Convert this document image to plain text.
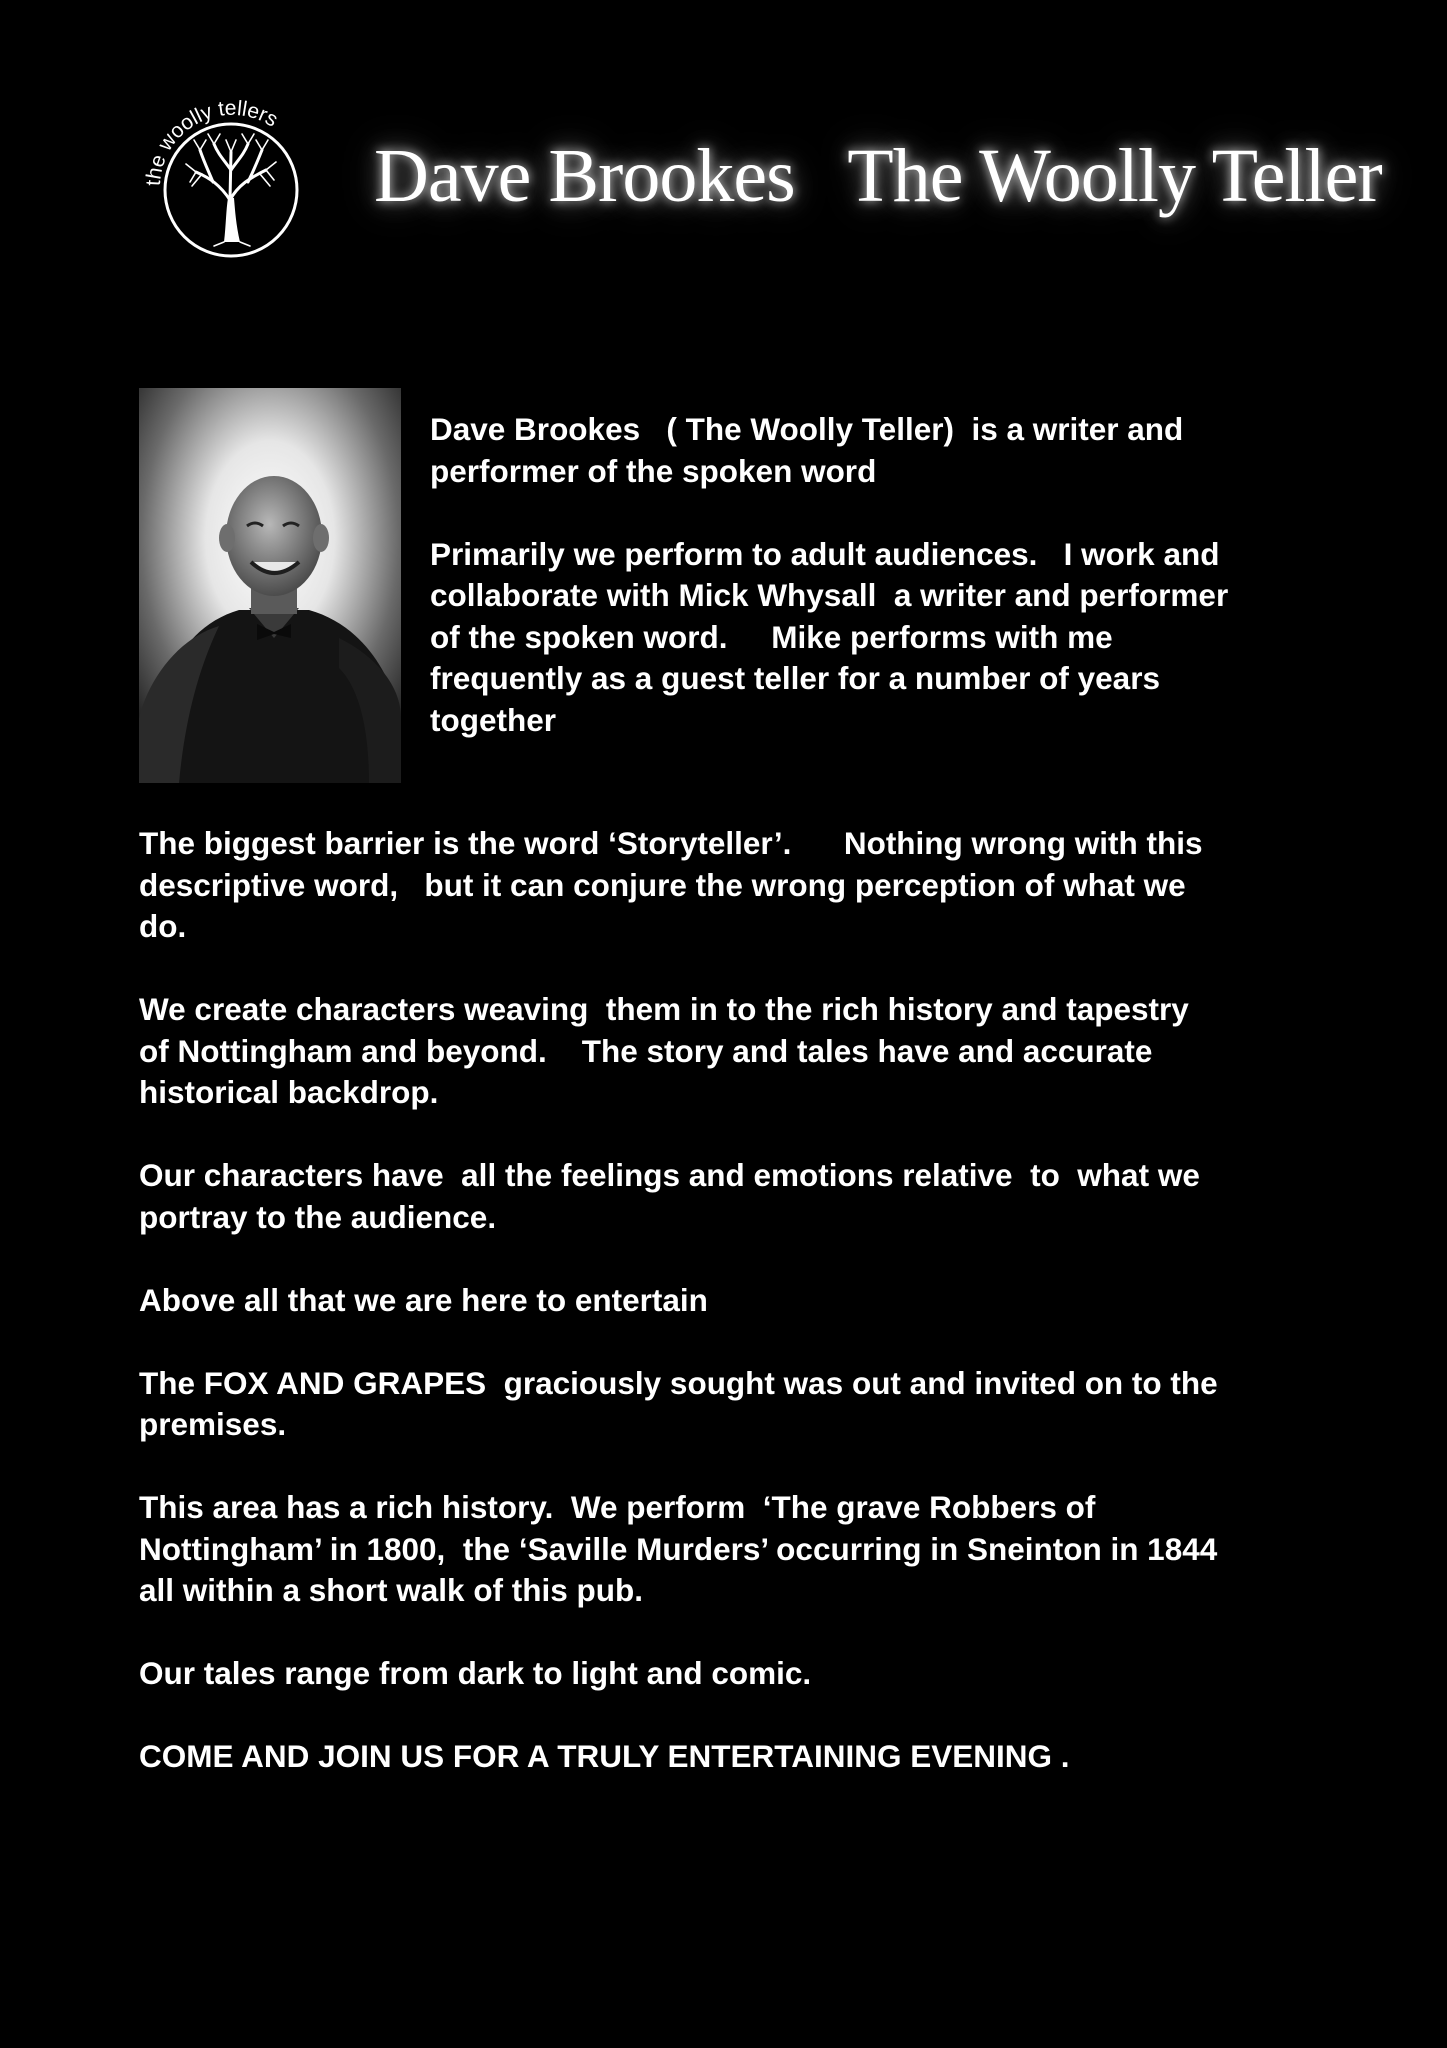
the woolly tellers
Dave Brookes   The Woolly Teller

Dave Brookes   ( The Woolly Teller)  is a writer and
performer of the spoken word

Primarily we perform to adult audiences.   I work and
collaborate with Mick Whysall  a writer and performer
of the spoken word.     Mike performs with me
frequently as a guest teller for a number of years
together

The biggest barrier is the word ‘Storyteller’.      Nothing wrong with this
descriptive word,   but it can conjure the wrong perception of what we
do.

We create characters weaving  them in to the rich history and tapestry
of Nottingham and beyond.    The story and tales have and accurate
historical backdrop.

Our characters have  all the feelings and emotions relative  to  what we
portray to the audience.

Above all that we are here to entertain

The FOX AND GRAPES  graciously sought was out and invited on to the
premises.

This area has a rich history.  We perform  ‘The grave Robbers of
Nottingham’ in 1800,  the ‘Saville Murders’ occurring in Sneinton in 1844
all within a short walk of this pub.

Our tales range from dark to light and comic.

COME AND JOIN US FOR A TRULY ENTERTAINING EVENING .
